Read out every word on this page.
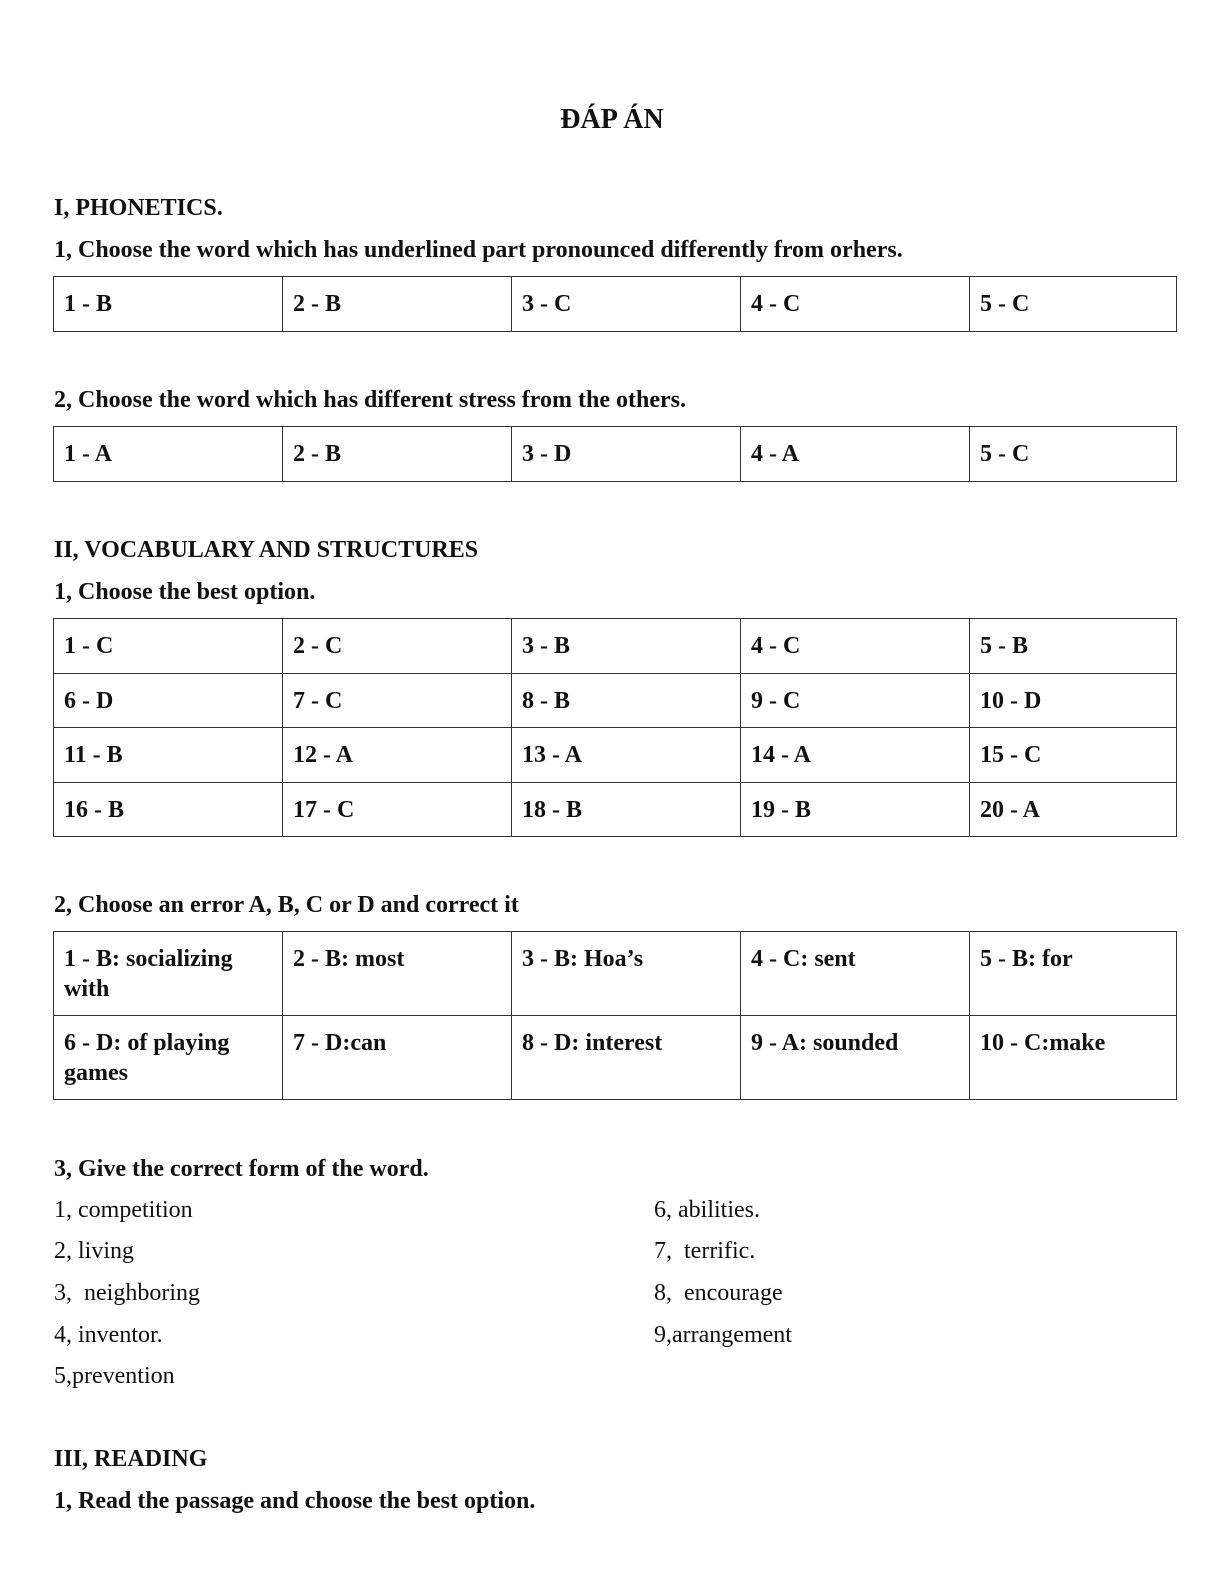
ĐÁP ÁN
I, PHONETICS.
1, Choose the word which has underlined part pronounced differently from orhers.
1 - B	2 - B	3 - C	4 - C	5 - C
2, Choose the word which has different stress from the others.
1 - A	2 - B	3 - D	4 - A	5 - C
II, VOCABULARY AND STRUCTURES
1, Choose the best option.
1 - C	2 - C	3 - B	4 - C	5 - B
6 - D	7 - C	8 - B	9 - C	10 - D
11 - B	12 - A	13 - A	14 - A	15 - C
16 - B	17 - C	18 - B	19 - B	20 - A
2, Choose an error A, B, C or D and correct it
1 - B: socializing with	2 - B: most	3 - B: Hoa’s	4 - C: sent	5 - B: for
6 - D: of playing games	7 - D:can	8 - D: interest	9 - A: sounded	10 - C:make
3, Give the correct form of the word.
1, competition
2, living
3,  neighboring
4, inventor.
5,prevention
6, abilities.
7,  terrific.
8,  encourage
9,arrangement
III, READING
1, Read the passage and choose the best option.
